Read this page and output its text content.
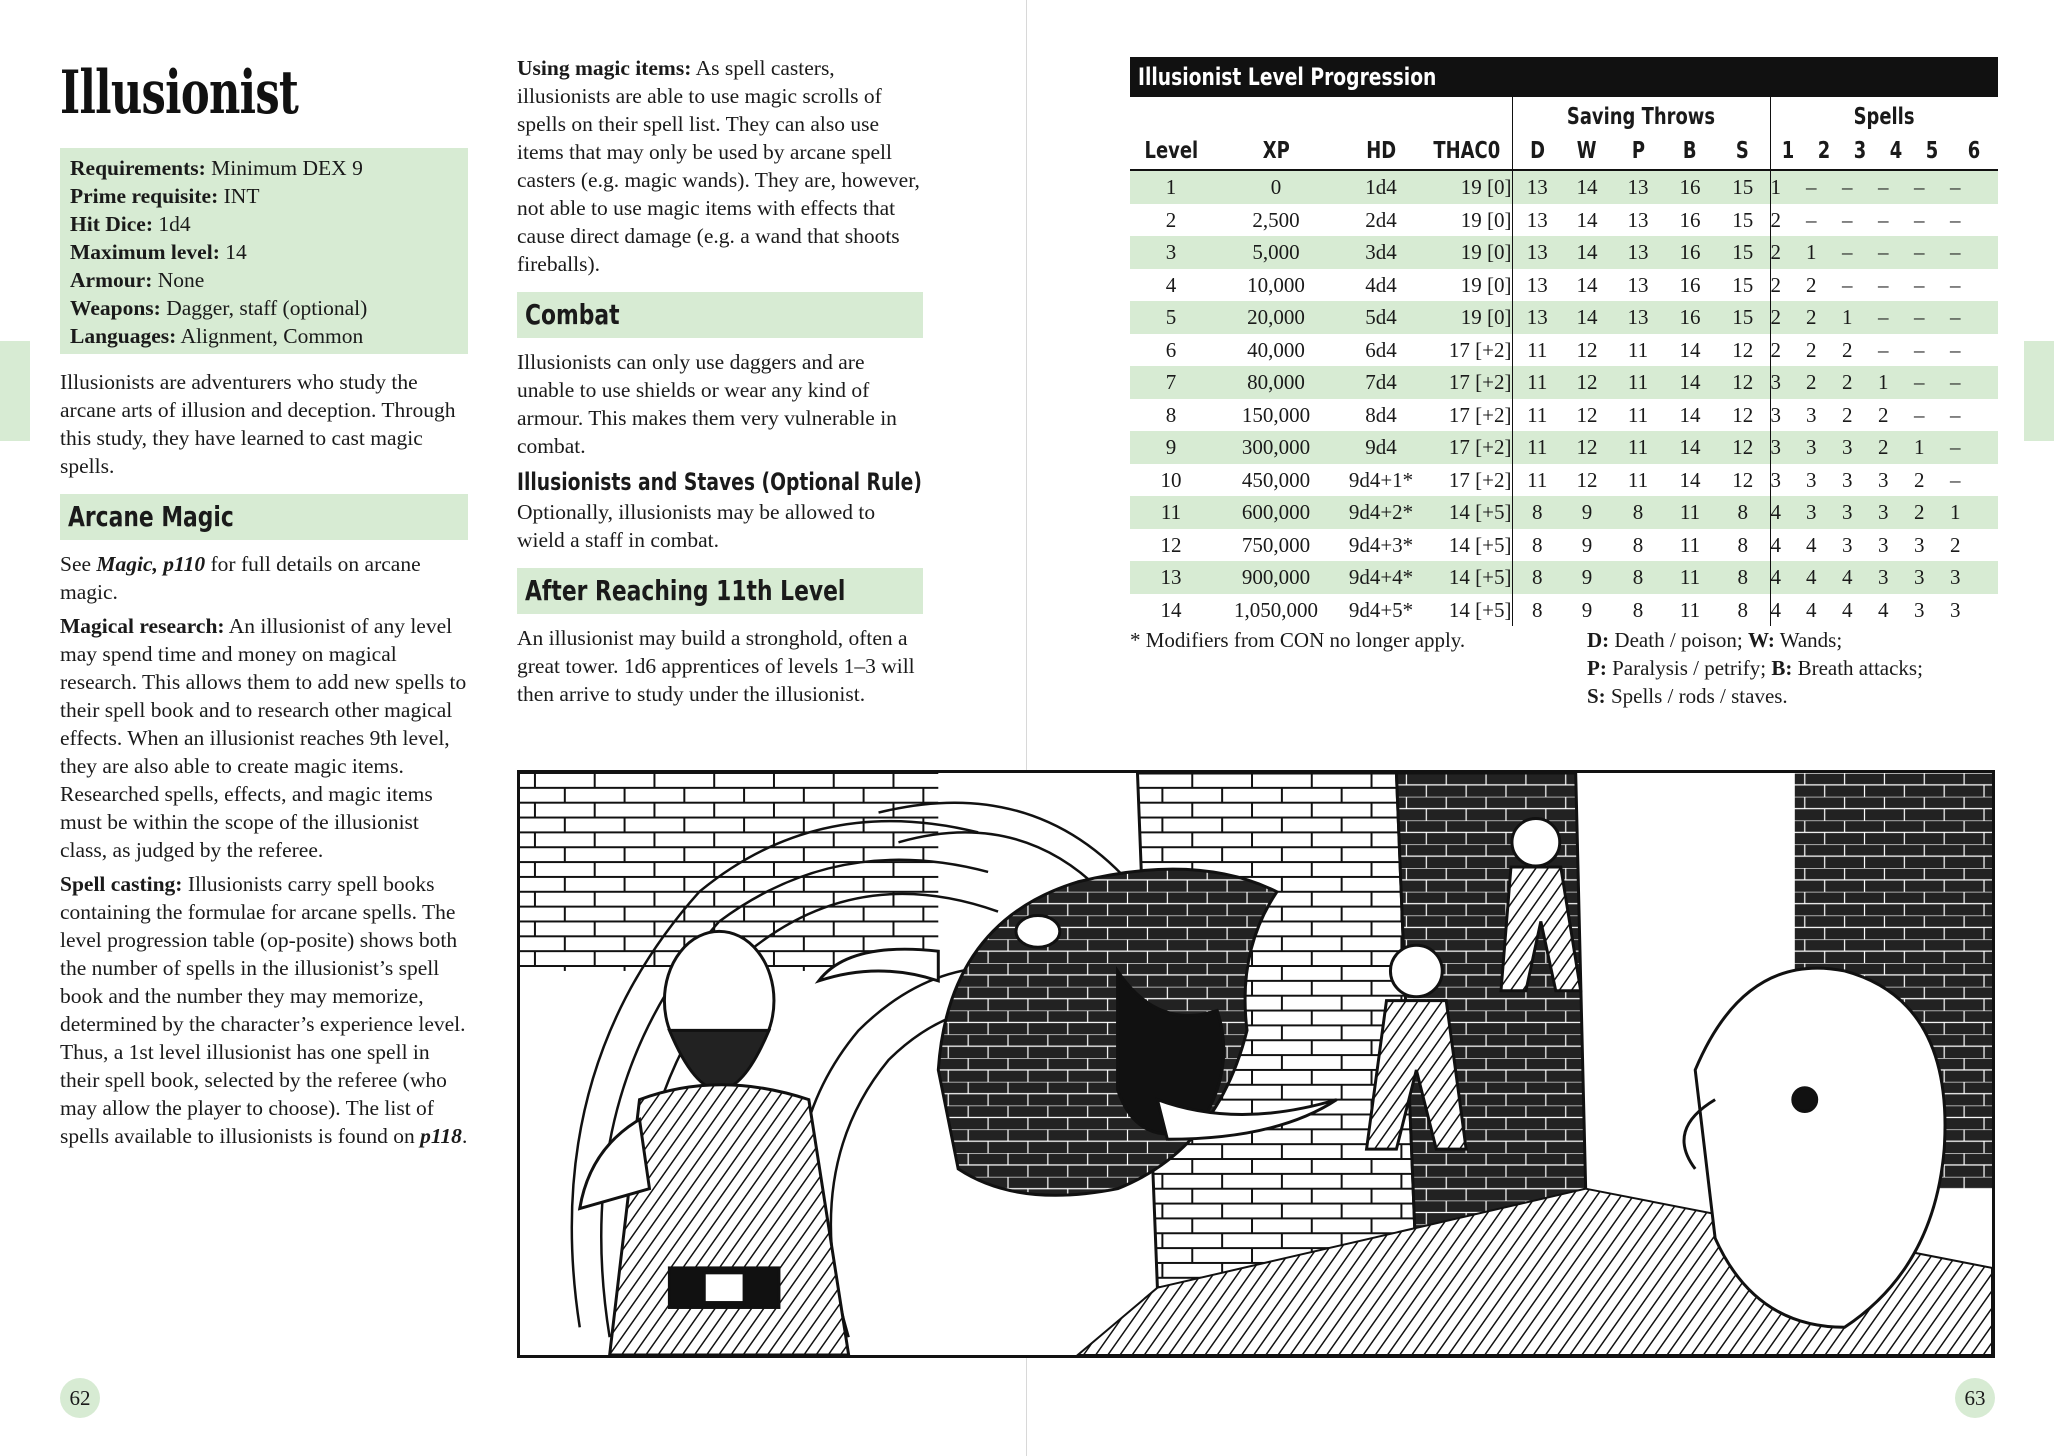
Illusionist
Requirements: Minimum DEX 9
Prime requisite: INT
Hit Dice: 1d4
Maximum level: 14
Armour: None
Weapons: Dagger, staff (optional)
Languages: Alignment, Common

Illusionists are adventurers who study the arcane arts of illusion and deception. Through this study, they have learned to cast magic spells.

Arcane Magic

See Magic, p110 for full details on arcane magic.

Magical research: An illusionist of any level may spend time and money on magical research. This allows them to add new spells to their spell book and to research other magical effects. When an illusionist reaches 9th level, they are also able to create magic items. Researched spells, effects, and magic items must be within the scope of the illusionist class, as judged by the referee.

Spell casting: Illusionists carry spell books containing the formulae for arcane spells. The level progression table (op-posite) shows both the number of spells in the illusionist’s spell book and the number they may memorize, determined by the character’s experience level. Thus, a 1st level illusionist has one spell in their spell book, selected by the referee (who may allow the player to choose). The list of spells available to illusionists is found on p118.

Using magic items: As spell casters, illusionists are able to use magic scrolls of spells on their spell list. They can also use items that may only be used by arcane spell casters (e.g. magic wands). They are, however, not able to use magic items with effects that cause direct damage (e.g. a wand that shoots fireballs).

Combat

Illusionists can only use daggers and are unable to use shields or wear any kind of armour. This makes them very vulnerable in combat.

Illusionists and Staves (Optional Rule)

Optionally, illusionists may be allowed to wield a staff in combat.

After Reaching 11th Level

An illusionist may build a stronghold, often a great tower. 1d6 apprentices of levels 1–3 will then arrive to study under the illusionist.

62
Illusionist Level Progression
				Saving Throws					Spells					
Level	XP	HD	THAC0	D	W	P	B	S	1	2	3	4	5	6
1	0	1d4	19 [0]	13	14	13	16	15	1	–	–	–	–	–
2	2,500	2d4	19 [0]	13	14	13	16	15	2	–	–	–	–	–
3	5,000	3d4	19 [0]	13	14	13	16	15	2	1	–	–	–	–
4	10,000	4d4	19 [0]	13	14	13	16	15	2	2	–	–	–	–
5	20,000	5d4	19 [0]	13	14	13	16	15	2	2	1	–	–	–
6	40,000	6d4	17 [+2]	11	12	11	14	12	2	2	2	–	–	–
7	80,000	7d4	17 [+2]	11	12	11	14	12	3	2	2	1	–	–
8	150,000	8d4	17 [+2]	11	12	11	14	12	3	3	2	2	–	–
9	300,000	9d4	17 [+2]	11	12	11	14	12	3	3	3	2	1	–
10	450,000	9d4+1*	17 [+2]	11	12	11	14	12	3	3	3	3	2	–
11	600,000	9d4+2*	14 [+5]	8	9	8	11	8	4	3	3	3	2	1
12	750,000	9d4+3*	14 [+5]	8	9	8	11	8	4	4	3	3	3	2
13	900,000	9d4+4*	14 [+5]	8	9	8	11	8	4	4	4	3	3	3
14	1,050,000	9d4+5*	14 [+5]	8	9	8	11	8	4	4	4	4	3	3
* Modifiers from CON no longer apply.	D: Death / poison; W: Wands;
P: Paralysis / petrify; B: Breath attacks;
S: Spells / rods / staves.
63
